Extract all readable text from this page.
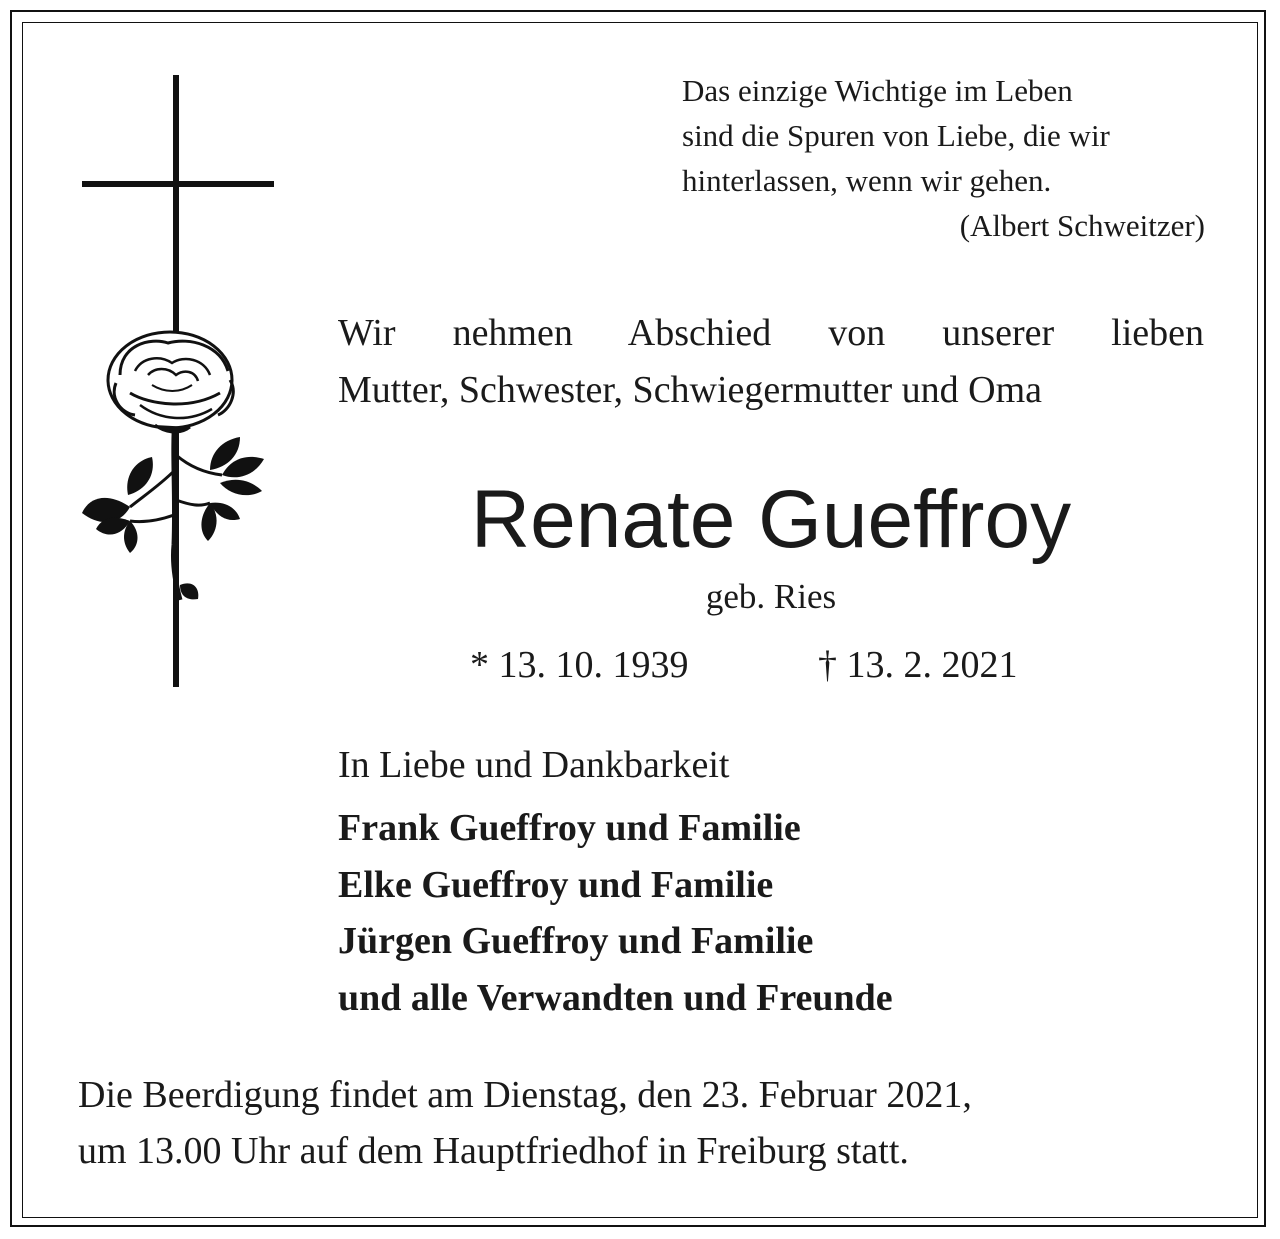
Das einzige Wichtige im Leben
sind die Spuren von Liebe, die wir
hinterlassen, wenn wir gehen.
(Albert Schweitzer)
Wir nehmen Abschied von unserer lieben
Mutter, Schwester, Schwiegermutter und Oma
Renate Gueffroy
geb. Ries
* 13. 10. 1939	† 13. 2. 2021
In Liebe und Dankbarkeit
Frank Gueffroy und Familie
Elke Gueffroy und Familie
Jürgen Gueffroy und Familie
und alle Verwandten und Freunde
Die Beerdigung findet am Dienstag, den 23. Februar 2021,
um 13.00 Uhr auf dem Hauptfriedhof in Freiburg statt.
